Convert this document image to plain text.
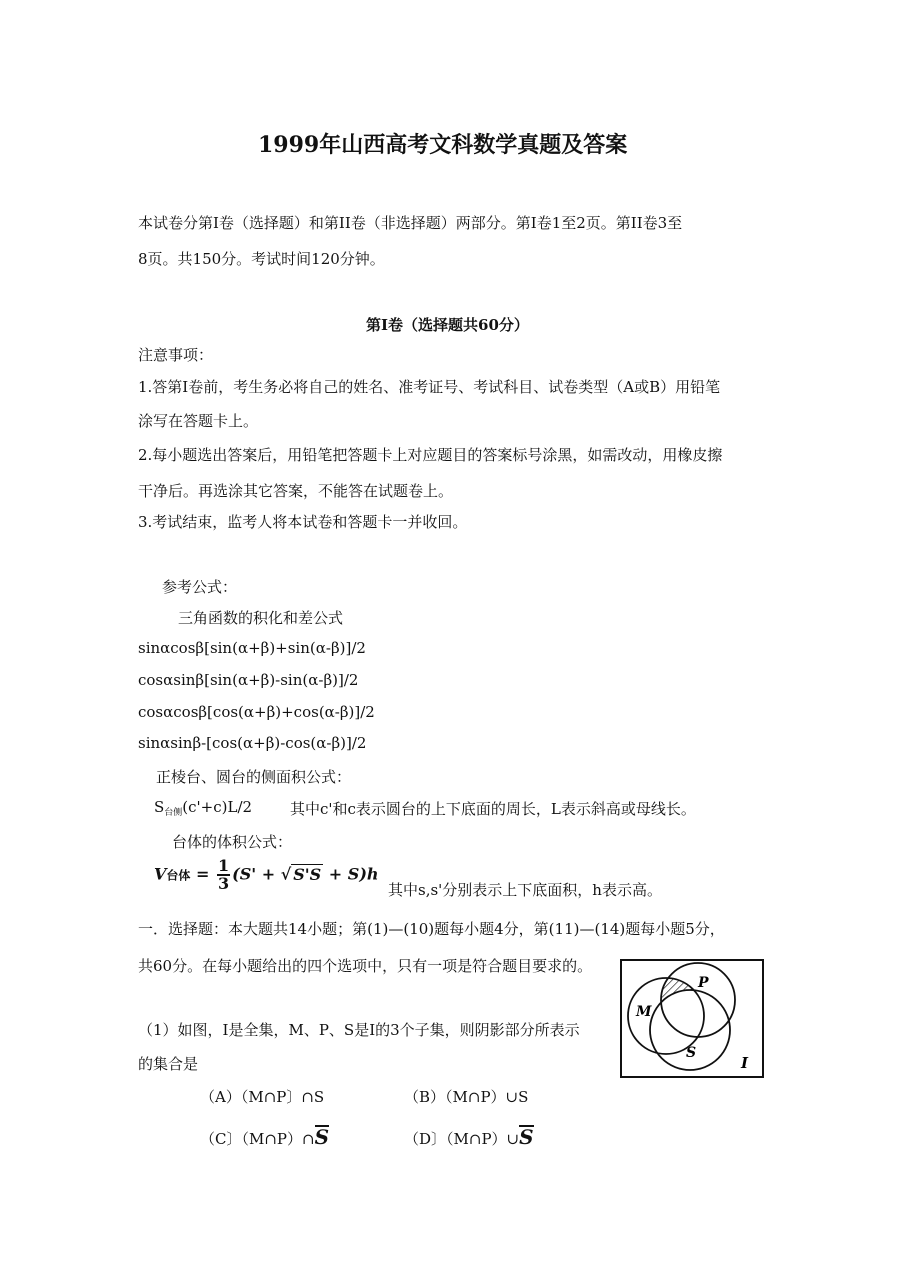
1999年山西高考文科数学真题及答案
本试卷分第Ⅰ卷（选择题）和第II卷（非选择题）两部分。第Ⅰ卷1至2页。第II卷3至
8页。共150分。考试时间120分钟。
第Ⅰ卷（选择题共60分）
注意事项：
1.答第Ⅰ卷前，考生务必将自己的姓名、准考证号、考试科目、试卷类型（A或B）用铅笔
涂写在答题卡上。
2.每小题选出答案后，用铅笔把答题卡上对应题目的答案标号涂黑，如需改动，用橡皮擦
干净后。再选涂其它答案，不能答在试题卷上。
3.考试结束，监考人将本试卷和答题卡一并收回。
参考公式：
三角函数的积化和差公式
sinαcosβ[sin(α+β)+sin(α-β)]/2
cosαsinβ[sin(α+β)-sin(α-β)]/2
cosαcosβ[cos(α+β)+cos(α-β)]/2
sinαsinβ-[cos(α+β)-cos(α-β)]/2
正棱台、圆台的侧面积公式：
$S_{台侧}(c'+c)L/2$	其中c'和c表示圆台的上下底面的周长，L表示斜高或母线长。
台体的体积公式：
V台体 = $\frac{1}{3} (S'$ + √ S'S + S)h
其中s,s'分别表示上下底面积，h表示高。
一．选择题：本大题共14小题；第(1)—(10)题每小题4分，第(11)—(14)题每小题5分，
共60分。在每小题给出的四个选项中，只有一项是符合题目要求的。
（1）如图，I是全集，M、P、S是I的3个子集，则阴影部分所表示
的集合是
（A）（M∩P〕∩S	（B）（M∩P）∪S
（C〕（M∩P）∩S	（D〕（M∩P）∪S
M
P
S
I
